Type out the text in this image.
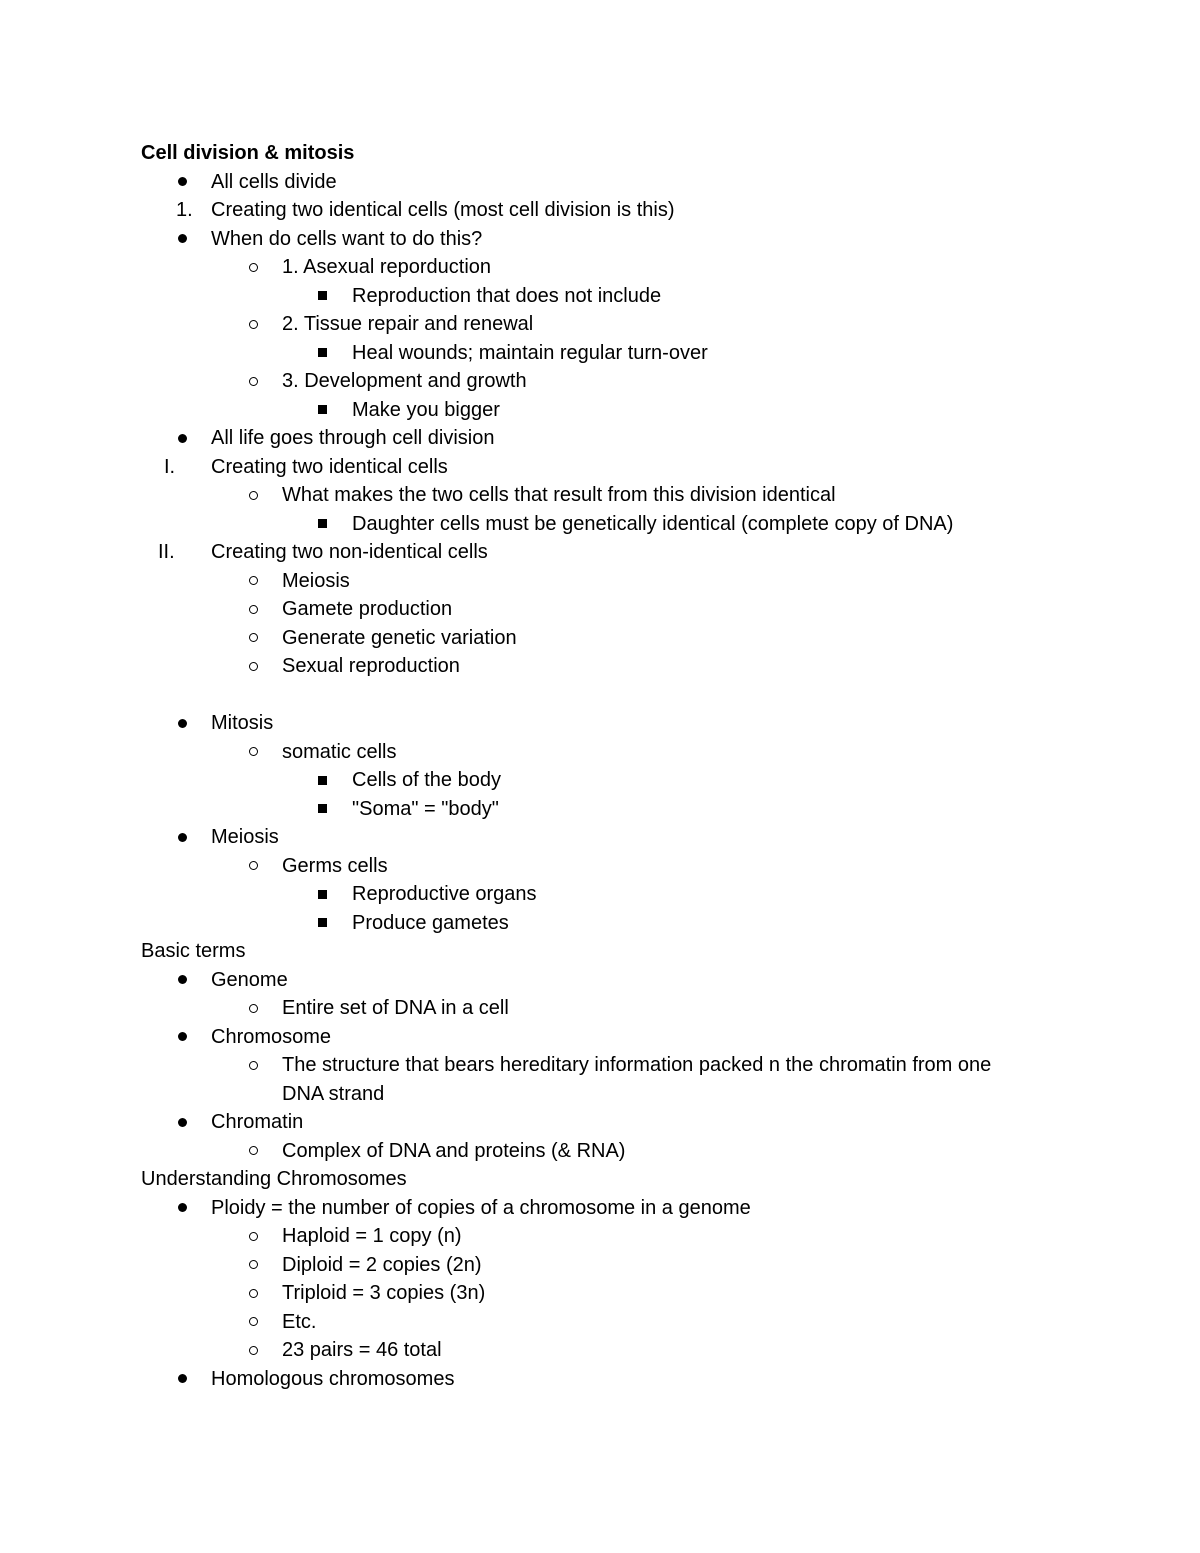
Cell division & mitosis
All cells divide
1. Creating two identical cells (most cell division is this)
When do cells want to do this?
1. Asexual reporduction
Reproduction that does not include
2. Tissue repair and renewal
Heal wounds; maintain regular turn-over
3. Development and growth
Make you bigger
All life goes through cell division
I. Creating two identical cells
What makes the two cells that result from this division identical
Daughter cells must be genetically identical (complete copy of DNA)
II. Creating two non-identical cells
Meiosis
Gamete production
Generate genetic variation
Sexual reproduction
Mitosis
somatic cells
Cells of the body
"Soma" = "body"
Meiosis
Germs cells
Reproductive organs
Produce gametes
Basic terms
Genome
Entire set of DNA in a cell
Chromosome
The structure that bears hereditary information packed n the chromatin from one
DNA strand
Chromatin
Complex of DNA and proteins (& RNA)
Understanding Chromosomes
Ploidy = the number of copies of a chromosome in a genome
Haploid = 1 copy (n)
Diploid = 2 copies (2n)
Triploid = 3 copies (3n)
Etc.
23 pairs = 46 total
Homologous chromosomes
